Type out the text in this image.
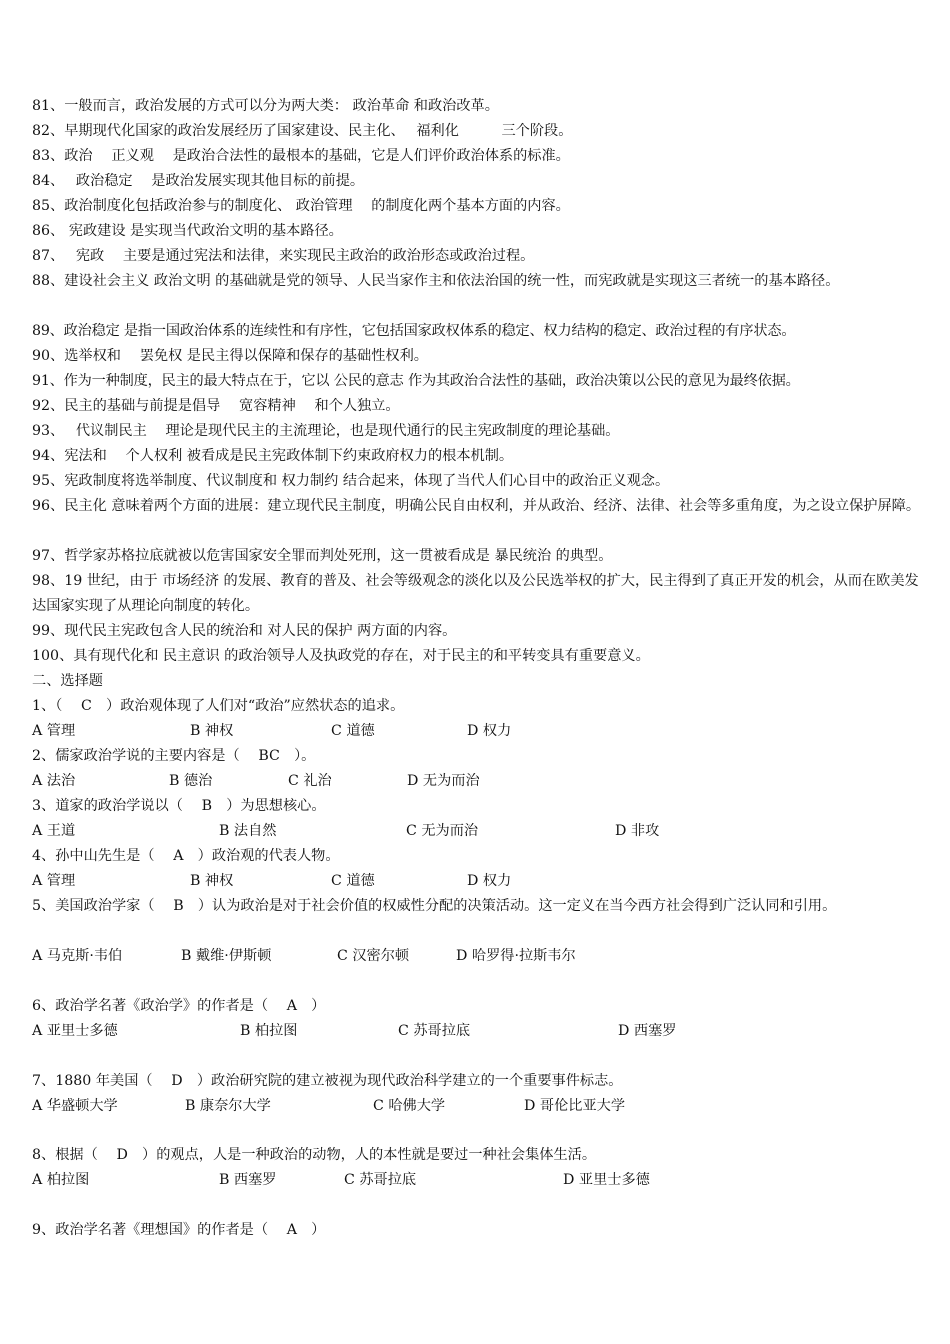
81、一般而言，政治发展的方式可以分为两大类： 政治革命 和政治改革。
82、早期现代化国家的政治发展经历了国家建设、民主化、　 福利化　　　三个阶段。
83、政治　 正义观　 是政治合法性的最根本的基础，它是人们评价政治体系的标准。
84、　 政治稳定　 是政治发展实现其他目标的前提。
85、政治制度化包括政治参与的制度化、 政治管理　 的制度化两个基本方面的内容。
86、 宪政建设 是实现当代政治文明的基本路径。
87、　 宪政　 主要是通过宪法和法律，来实现民主政治的政治形态或政治过程。
88、建设社会主义 政治文明 的基础就是党的领导、人民当家作主和依法治国的统一性，而宪政就是实现这三者统一的基本路径。
89、政治稳定 是指一国政治体系的连续性和有序性，它包括国家政权体系的稳定、权力结构的稳定、政治过程的有序状态。
90、选举权和　 罢免权 是民主得以保障和保存的基础性权利。
91、作为一种制度，民主的最大特点在于，它以 公民的意志 作为其政治合法性的基础，政治决策以公民的意见为最终依据。
92、民主的基础与前提是倡导　 宽容精神　 和个人独立。
93、　 代议制民主　 理论是现代民主的主流理论，也是现代通行的民主宪政制度的理论基础。
94、宪法和　 个人权利 被看成是民主宪政体制下约束政府权力的根本机制。
95、宪政制度将选举制度、代议制度和 权力制约 结合起来，体现了当代人们心目中的政治正义观念。
96、民主化 意味着两个方面的进展：建立现代民主制度，明确公民自由权利，并从政治、经济、法律、社会等多重角度，为之设立保护屏障。
97、哲学家苏格拉底就被以危害国家安全罪而判处死刑，这一贯被看成是 暴民统治 的典型。
98、19 世纪，由于 市场经济 的发展、教育的普及、社会等级观念的淡化以及公民选举权的扩大，民主得到了真正开发的机会，从而在欧美发达国家实现了从理论向制度的转化。
99、现代民主宪政包含人民的统治和 对人民的保护 两方面的内容。
100、具有现代化和 民主意识 的政治领导人及执政党的存在，对于民主的和平转变具有重要意义。
二、选择题
1、（　 C　）政治观体现了人们对“政治”应然状态的追求。
A 管理	B 神权	C 道德	D 权力
2、儒家政治学说的主要内容是（　 BC　）。
A 法治	B 德治	C 礼治	D 无为而治
3、道家的政治学说以（　 B　）为思想核心。
A 王道	B 法自然	C 无为而治	D 非攻
4、孙中山先生是（　 A　）政治观的代表人物。
A 管理	B 神权	C 道德	D 权力
5、美国政治学家（　 B　）认为政治是对于社会价值的权威性分配的决策活动。这一定义在当今西方社会得到广泛认同和引用。
A 马克斯·韦伯	B 戴维·伊斯顿	C 汉密尔顿	D 哈罗得·拉斯韦尔
6、政治学名著《政治学》的作者是（　 A　）
A 亚里士多德	B 柏拉图	C 苏哥拉底	D 西塞罗
7、1880 年美国（　 D　）政治研究院的建立被视为现代政治科学建立的一个重要事件标志。
A 华盛顿大学	B 康奈尔大学	C 哈佛大学	D 哥伦比亚大学
8、根据（　 D　）的观点，人是一种政治的动物，人的本性就是要过一种社会集体生活。
A 柏拉图	B 西塞罗	C 苏哥拉底	D 亚里士多德
9、政治学名著《理想国》的作者是（　 A　）
